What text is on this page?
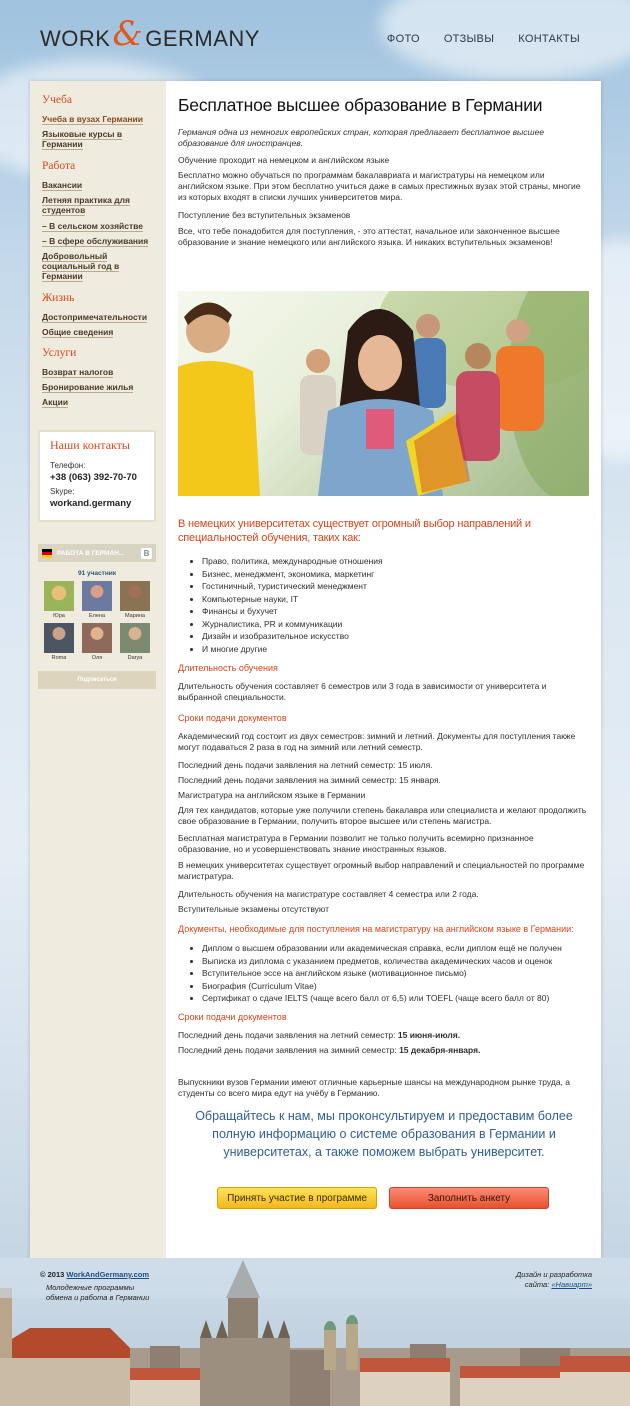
WORK & GERMANY	ФОТО ОТЗЫВЫ КОНТАКТЫ
Учеба
Учеба в вузах Германии
Языковые курсы в Германии
Работа
Вакансии
Летняя практика для студентов
– В сельском хозяйстве
– В сфере обслуживания
Добровольный социальный год в Германии
Жизнь
Достопримечательности
Общие сведения
Услуги
Возврат налогов
Бронирование жилья
Акции
Наши контакты
Телефон:
+38 (063) 392-70-70
Skype:
workand.germany
РАБОТА В ГЕРМАН...	В
91 участник
Юра	Елена	Марина
Roma	Оля	Darya
Подписаться
Бесплатное высшее образование в Германии
Германия одна из немногих европейских стран, которая предлагает бесплатное высшее образование для иностранцев.

Обучение проходит на немецком и английском языке

Бесплатно можно обучаться по программам бакалавриата и магистратуры на немецком или английском языке. При этом бесплатно учиться даже в самых престижных вузах этой страны, многие из которых входят в списки лучших университетов мира.

Поступление без вступительных экзаменов

Все, что тебе понадобится для поступления, - это аттестат, начальное или законченное высшее образование и знание немецкого или английского языка. И никаких вступительных экзаменов!

В немецких университетах существует огромный выбор направлений и специальностей обучения, таких как:
• Право, политика, международные отношения
• Бизнес, менеджмент, экономика, маркетинг
• Гостиничный, туристический менеджмент
• Компьютерные науки, IT
• Финансы и бухучет
• Журналистика, PR и коммуникации
• Дизайн и изобразительное искусство
• И многие другие
Длительность обучения

Длительность обучения составляет 6 семестров или 3 года в зависимости от университета и выбранной специальности.

Сроки подачи документов

Академический год состоит из двух семестров: зимний и летний. Документы для поступления также могут подаваться 2 раза в год на зимний или летний семестр.

Последний день подачи заявления на летний семестр: 15 июля.

Последний день подачи заявления на зимний семестр: 15 января.

Магистратура на английском языке в Германии

Для тех кандидатов, которые уже получили степень бакалавра или специалиста и желают продолжить свое образование в Германии, получить второе высшее или степень магистра.

Бесплатная магистратура в Германии позволит не только получить всемирно признанное образование, но и усовершенствовать знание иностранных языков.

В немецких университетах существует огромный выбор направлений и специальностей по программе магистратура.

Длительность обучения на магистратуре составляет 4 семестра или 2 года.

Вступительные экзамены отсутствуют

Документы, необходимые для поступления на магистратуру на английском языке в Германии:
• Диплом о высшем образовании или академическая справка, если диплом ещё не получен
• Выписка из диплома с указанием предметов, количества академических часов и оценок
• Вступительное эссе на английском языке (мотивационное письмо)
• Биография (Curriculum Vitae)
• Сертификат о сдаче IELTS (чаще всего балл от 6,5) или TOEFL (чаще всего балл от 80)
Сроки подачи документов

Последний день подачи заявления на летний семестр: 15 июня-июля.

Последний день подачи заявления на зимний семестр: 15 декабря-января.

Выпускники вузов Германии имеют отличные карьерные шансы на международном рынке труда, а студенты со всего мира едут на учёбу в Германию.

Обращайтесь к нам, мы проконсультируем и предоставим более полную информацию о системе образования в Германии и университетах, а также поможем выбрать университет.
Принять участие в программе	Заполнить анкету
© 2013 WorkAndGermany.com
Молодежные программы
обмена и работа в Германии
Дизайн и разработка
сайта: «Навиарт»
